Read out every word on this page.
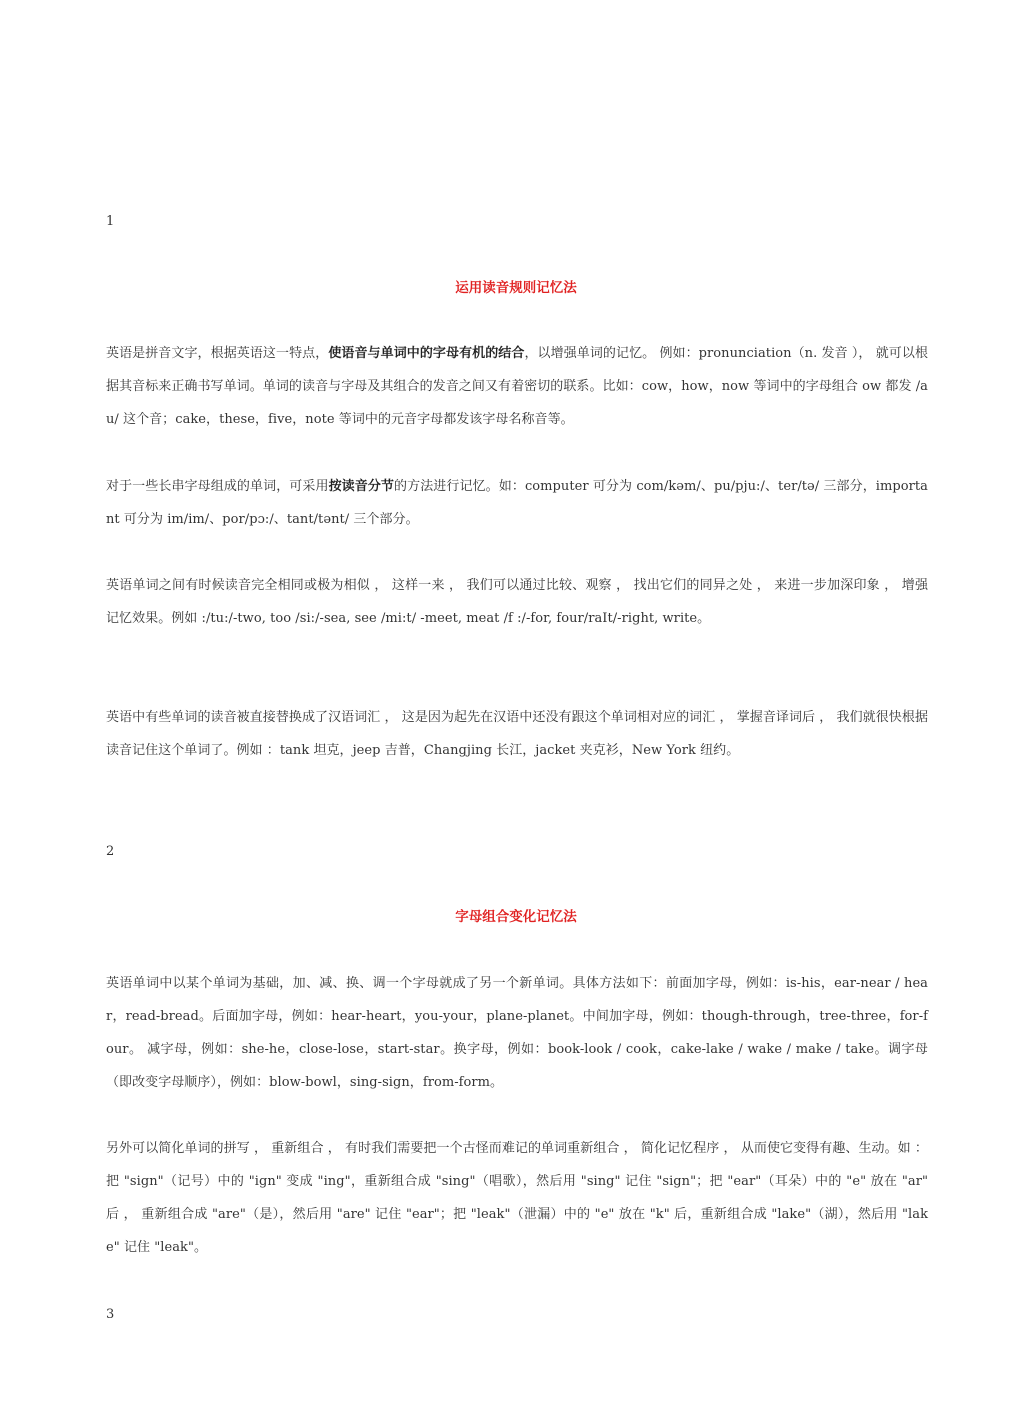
1
运用读音规则记忆法
英语是拼音文字，根据英语这一特点，使语音与单词中的字母有机的结合，以增强单词的记忆。 例如：pronunciation（n. 发音 ）， 就可以根据其音标来正确书写单词。单词的读音与字母及其组合的发音之间又有着密切的联系。比如：cow，how，now 等词中的字母组合 ow 都发 /au/ 这个音；cake，these，five，note 等词中的元音字母都发该字母名称音等。
对于一些长串字母组成的单词，可采用按读音分节的方法进行记忆。如：computer 可分为 com/kəm/、pu/pju:/、ter/tə/ 三部分，important 可分为 im/im/、por/pɔ:/、tant/tənt/ 三个部分。
英语单词之间有时候读音完全相同或极为相似 ， 这样一来 ， 我们可以通过比较、观察 ， 找出它们的同异之处 ， 来进一步加深印象 ， 增强记忆效果。例如 :/tu:/-two, too /si:/-sea, see /mi:t/ -meet, meat /f :/-for, four/raIt/-right, write。
英语中有些单词的读音被直接替换成了汉语词汇 ， 这是因为起先在汉语中还没有跟这个单词相对应的词汇 ， 掌握音译词后 ， 我们就很快根据读音记住这个单词了。例如 ：tank 坦克，jeep 吉普，Changjing 长江，jacket 夹克衫，New York 纽约。
2
字母组合变化记忆法
英语单词中以某个单词为基础，加、减、换、调一个字母就成了另一个新单词。具体方法如下：前面加字母，例如：is-his，ear-near / hear，read-bread。后面加字母，例如：hear-heart，you-your，plane-planet。中间加字母，例如：though-through，tree-three，for-four。 减字母，例如：she-he，close-lose，start-star。换字母，例如：book-look / cook，cake-lake / wake / make / take。调字母（即改变字母顺序），例如：blow-bowl，sing-sign，from-form。
另外可以简化单词的拼写 ， 重新组合 ， 有时我们需要把一个古怪而难记的单词重新组合 ， 简化记忆程序 ， 从而使它变得有趣、生动。如 ： 把 "sign"（记号）中的 "ign" 变成 "ing"，重新组合成 "sing"（唱歌），然后用 "sing" 记住 "sign"；把 "ear"（耳朵）中的 "e" 放在 "ar" 后 ， 重新组合成 "are"（是），然后用 "are" 记住 "ear"；把 "leak"（泄漏）中的 "e" 放在 "k" 后，重新组合成 "lake"（湖），然后用 "lake" 记住 "leak"。
3
